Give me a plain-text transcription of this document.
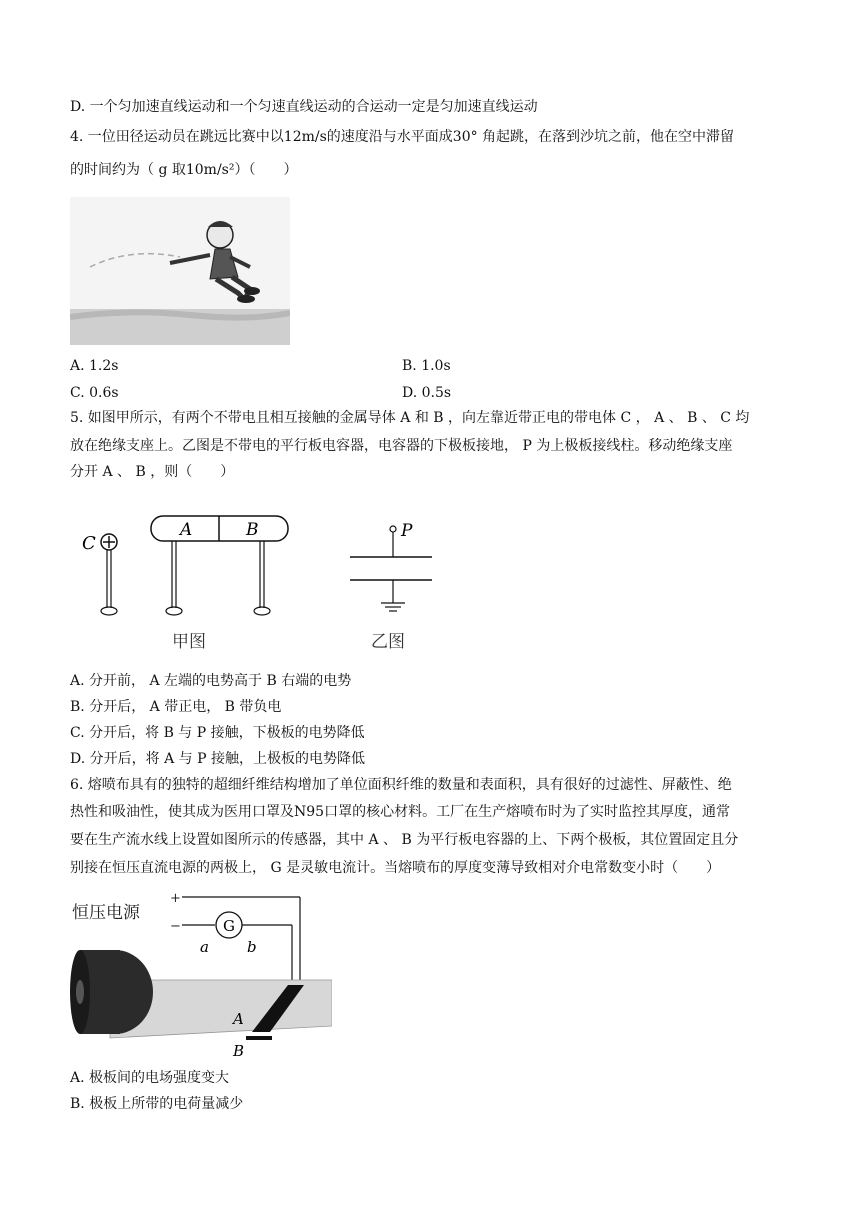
D. 一个匀加速直线运动和一个匀速直线运动的合运动一定是匀加速直线运动
4. 一位田径运动员在跳远比赛中以12m/s的速度沿与水平面成30° 角起跳，在落到沙坑之前，他在空中滞留
的时间约为（ g 取10m/s²）（　　）
A. 1.2s	B. 1.0s
C. 0.6s	D. 0.5s
5. 如图甲所示，有两个不带电且相互接触的金属导体 A 和 B ，向左靠近带正电的带电体 C ， A 、 B 、 C 均
放在绝缘支座上。乙图是不带电的平行板电容器，电容器的下极板接地， P 为上极板接线柱。移动绝缘支座
分开 A 、 B ，则（　　）
C
A	B	P
甲图	乙图
A. 分开前， A 左端的电势高于 B 右端的电势
B. 分开后， A 带正电， B 带负电
C. 分开后，将 B 与 P 接触，下极板的电势降低
D. 分开后，将 A 与 P 接触，上极板的电势降低
6. 熔喷布具有的独特的超细纤维结构增加了单位面积纤维的数量和表面积，具有很好的过滤性、屏蔽性、绝
热性和吸油性，使其成为医用口罩及N95口罩的核心材料。工厂在生产熔喷布时为了实时监控其厚度，通常
要在生产流水线上设置如图所示的传感器，其中 A 、 B 为平行板电容器的上、下两个极板，其位置固定且分
别接在恒压直流电源的两极上， G 是灵敏电流计。当熔喷布的厚度变薄导致相对介电常数变小时（　　）
恒压电源
+
−	G
a	b
A
B
A. 极板间的电场强度变大
B. 极板上所带的电荷量减少
